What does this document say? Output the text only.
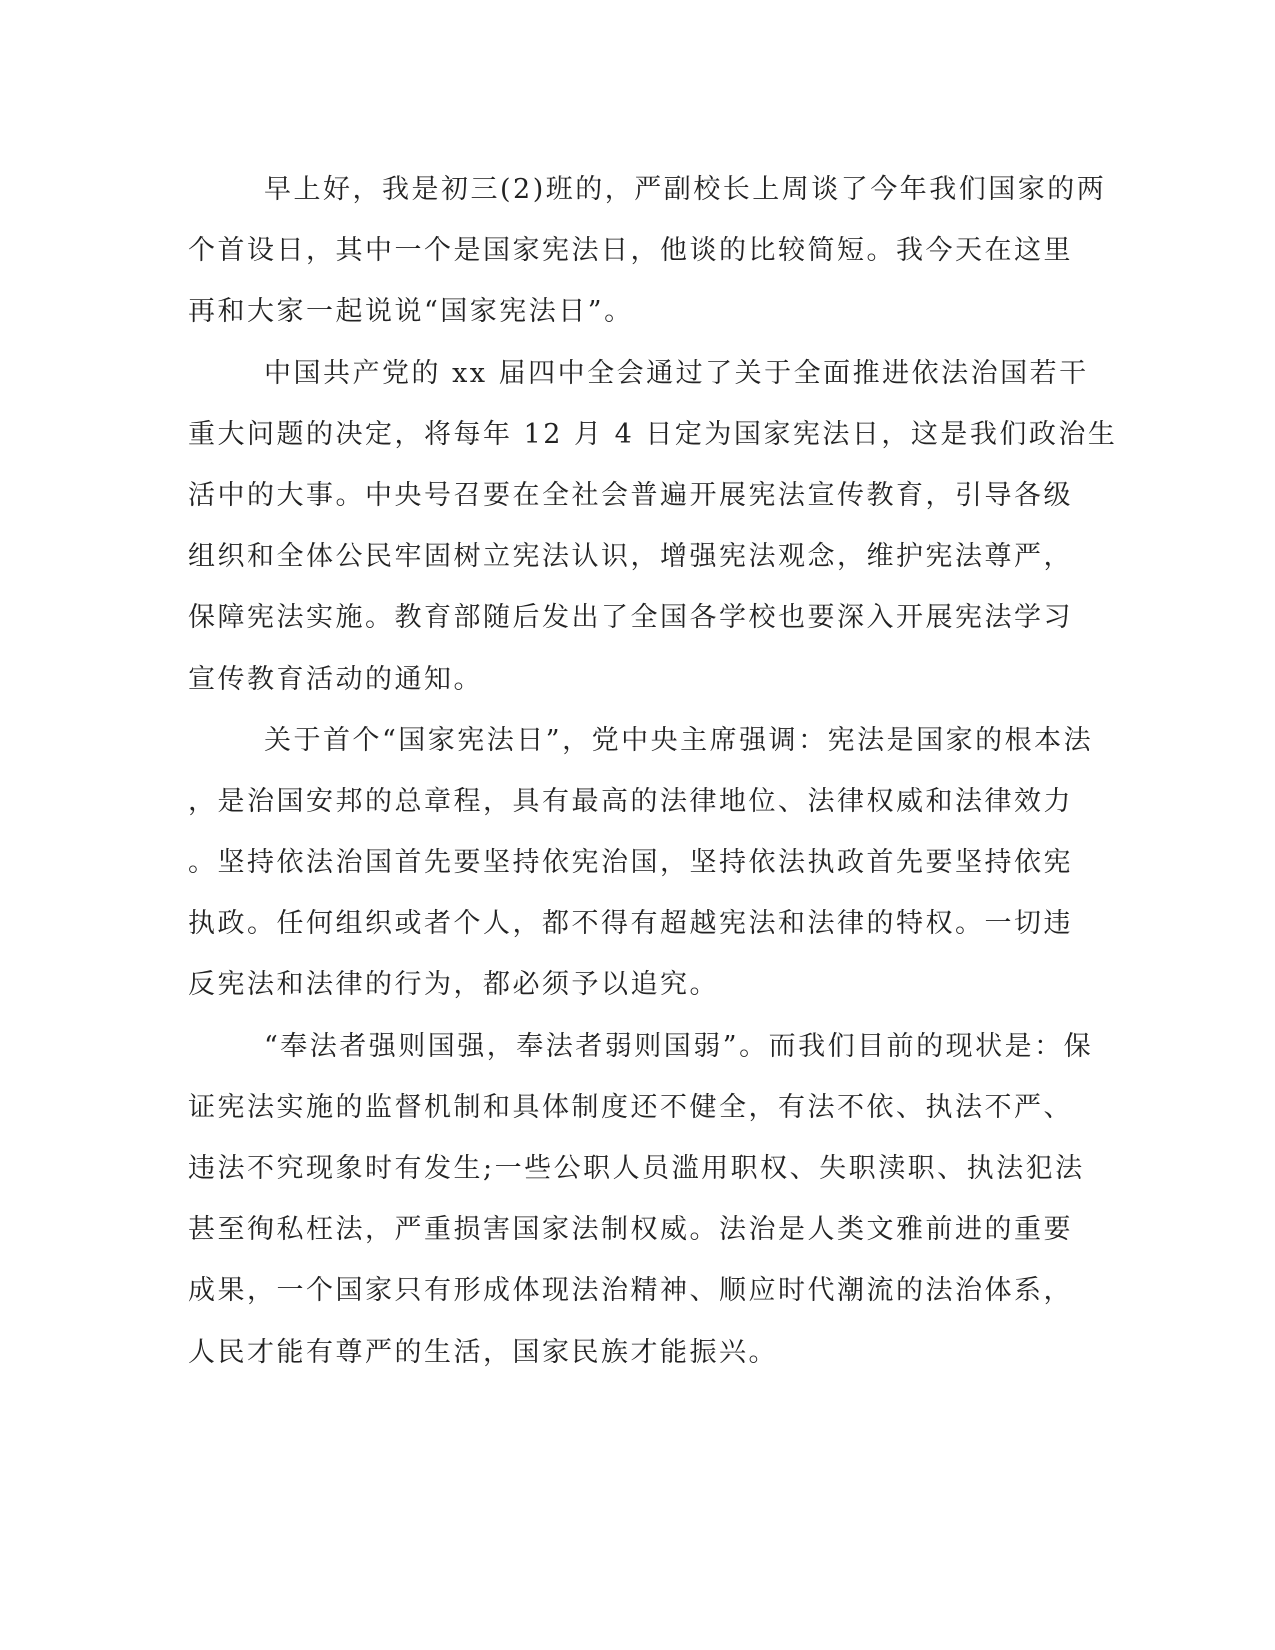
早上好，我是初三(2)班的，严副校长上周谈了今年我们国家的两
个首设日，其中一个是国家宪法日，他谈的比较简短。我今天在这里
再和大家一起说说“国家宪法日”。
中国共产党的 xx 届四中全会通过了关于全面推进依法治国若干
重大问题的决定，将每年 12 月 4 日定为国家宪法日，这是我们政治生
活中的大事。中央号召要在全社会普遍开展宪法宣传教育，引导各级
组织和全体公民牢固树立宪法认识，增强宪法观念，维护宪法尊严，
保障宪法实施。教育部随后发出了全国各学校也要深入开展宪法学习
宣传教育活动的通知。
关于首个“国家宪法日”，党中央主席强调：宪法是国家的根本法
，是治国安邦的总章程，具有最高的法律地位、法律权威和法律效力
。坚持依法治国首先要坚持依宪治国，坚持依法执政首先要坚持依宪
执政。任何组织或者个人，都不得有超越宪法和法律的特权。一切违
反宪法和法律的行为，都必须予以追究。
“奉法者强则国强，奉法者弱则国弱”。而我们目前的现状是：保
证宪法实施的监督机制和具体制度还不健全，有法不依、执法不严、
违法不究现象时有发生;一些公职人员滥用职权、失职渎职、执法犯法
甚至徇私枉法，严重损害国家法制权威。法治是人类文雅前进的重要
成果，一个国家只有形成体现法治精神、顺应时代潮流的法治体系，
人民才能有尊严的生活，国家民族才能振兴。
